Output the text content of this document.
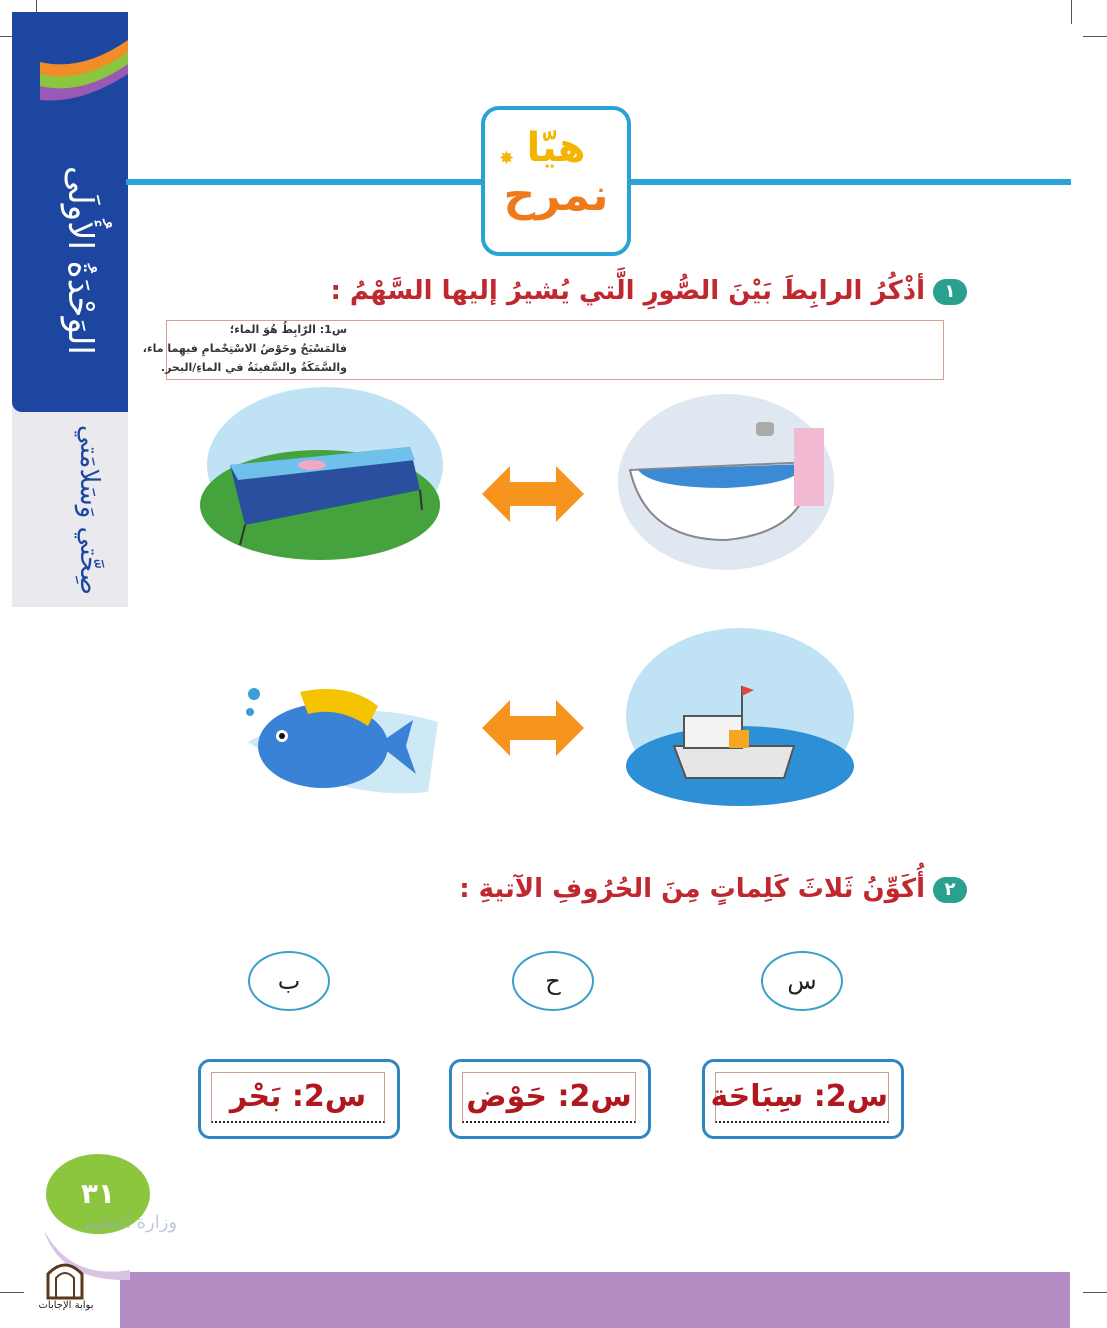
الوَحْدَةُ الأُولَى
صِحَّتي وَسَلامَتي
هيّا
نمرح
✸
١أذْكُرُ الرابِطَ بَيْنَ الصُّورِ الَّتي يُشيرُ إليها السَّهْمُ :
س1: الرّابِطُ هُوَ الماء؛
فالمَسْبَحُ وحَوْضُ الاسْتِحْمامِ فيهِما ماء،
والسَّمَكَةُ والسَّفينَةُ في الماءِ/البحر.
٢أُكَوِّنُ ثَلاثَ كَلِماتٍ مِنَ الحُرُوفِ الآتيةِ :
س
ح
ب
س2: سِبَاحَة
س2: حَوْض
س2: بَحْر
٣١
وزارة التعليم
بوابة الإجابات
